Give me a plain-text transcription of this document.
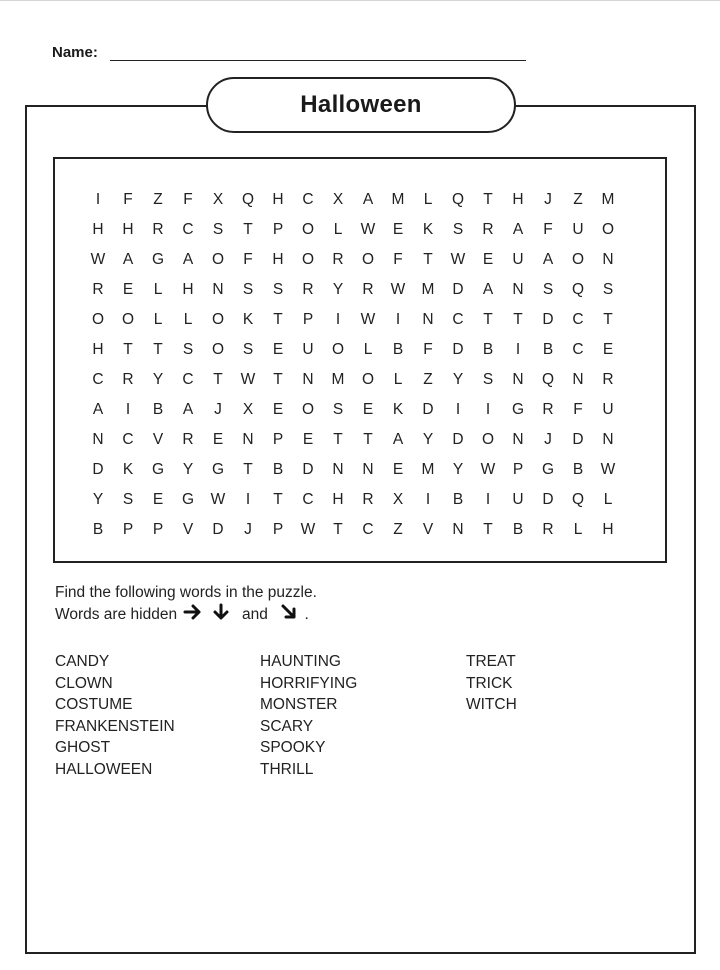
Name:
Halloween
I	F	Z	F	X	Q	H	C	X	A	M	L	Q	T	H	J	Z	M
H	H	R	C	S	T	P	O	L	W	E	K	S	R	A	F	U	O
W	A	G	A	O	F	H	O	R	O	F	T	W	E	U	A	O	N
R	E	L	H	N	S	S	R	Y	R	W	M	D	A	N	S	Q	S
O	O	L	L	O	K	T	P	I	W	I	N	C	T	T	D	C	T
H	T	T	S	O	S	E	U	O	L	B	F	D	B	I	B	C	E
C	R	Y	C	T	W	T	N	M	O	L	Z	Y	S	N	Q	N	R
A	I	B	A	J	X	E	O	S	E	K	D	I	I	G	R	F	U
N	C	V	R	E	N	P	E	T	T	A	Y	D	O	N	J	D	N
D	K	G	Y	G	T	B	D	N	N	E	M	Y	W	P	G	B	W
Y	S	E	G	W	I	T	C	H	R	X	I	B	I	U	D	Q	L
B	P	P	V	D	J	P	W	T	C	Z	V	N	T	B	R	L	H
Find the following words in the puzzle.
Words are hidden	and .
CANDY
CLOWN
COSTUME
FRANKENSTEIN
GHOST
HALLOWEEN
HAUNTING
HORRIFYING
MONSTER
SCARY
SPOOKY
THRILL
TREAT
TRICK
WITCH
